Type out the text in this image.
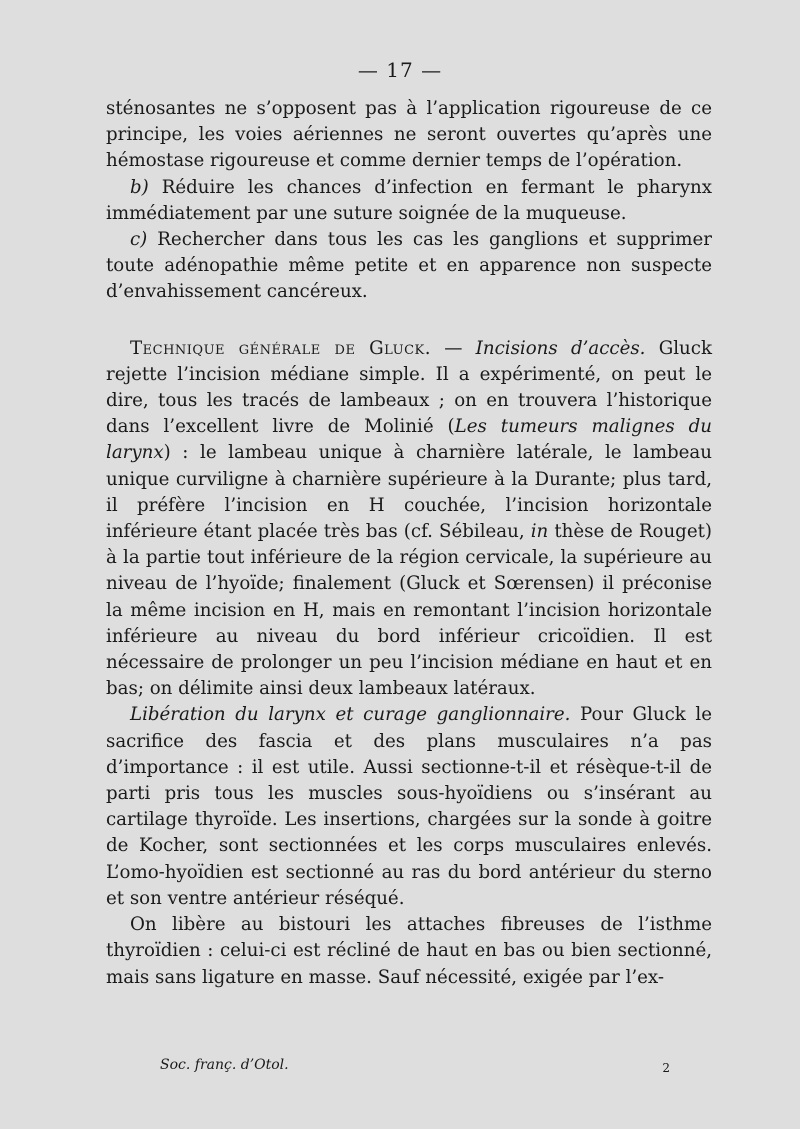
— 17 —

sténosantes ne s’opposent pas à l’application rigoureuse de ce principe, les voies aériennes ne seront ouvertes qu’après une hémostase rigoureuse et comme dernier temps de l’opération.

b) Réduire les chances d’infection en fermant le pharynx immédiatement par une suture soignée de la muqueuse.

c) Rechercher dans tous les cas les ganglions et supprimer toute adénopathie même petite et en apparence non suspecte d’envahissement cancéreux.

Technique générale de Gluck. — Incisions d’accès. Gluck rejette l’incision médiane simple. Il a expérimenté, on peut le dire, tous les tracés de lambeaux ; on en trouvera l’historique dans l’excellent livre de Molinié (Les tumeurs malignes du larynx) : le lambeau unique à charnière latérale, le lambeau unique curviligne à charnière supérieure à la Durante; plus tard, il préfère l’incision en H couchée, l’incision horizontale inférieure étant placée très bas (cf. Sébileau, in thèse de Rouget) à la partie tout inférieure de la région cervicale, la supérieure au niveau de l’hyoïde; finalement (Gluck et Sœrensen) il préconise la même incision en H, mais en remontant l’incision horizontale inférieure au niveau du bord inférieur cricoïdien. Il est nécessaire de prolonger un peu l’incision médiane en haut et en bas; on délimite ainsi deux lambeaux latéraux.

Libération du larynx et curage ganglionnaire. Pour Gluck le sacrifice des fascia et des plans musculaires n’a pas d’importance : il est utile. Aussi sectionne-t-il et résèque-t-il de parti pris tous les muscles sous-hyoïdiens ou s’insérant au cartilage thyroïde. Les insertions, chargées sur la sonde à goitre de Kocher, sont sectionnées et les corps musculaires enlevés. L’omo-hyoïdien est sectionné au ras du bord antérieur du sterno et son ventre antérieur réséqué.

On libère au bistouri les attaches fibreuses de l’isthme thyroïdien : celui-ci est récliné de haut en bas ou bien sectionné, mais sans ligature en masse. Sauf nécessité, exigée par l’ex-

Soc. franç. d’Otol.	2
